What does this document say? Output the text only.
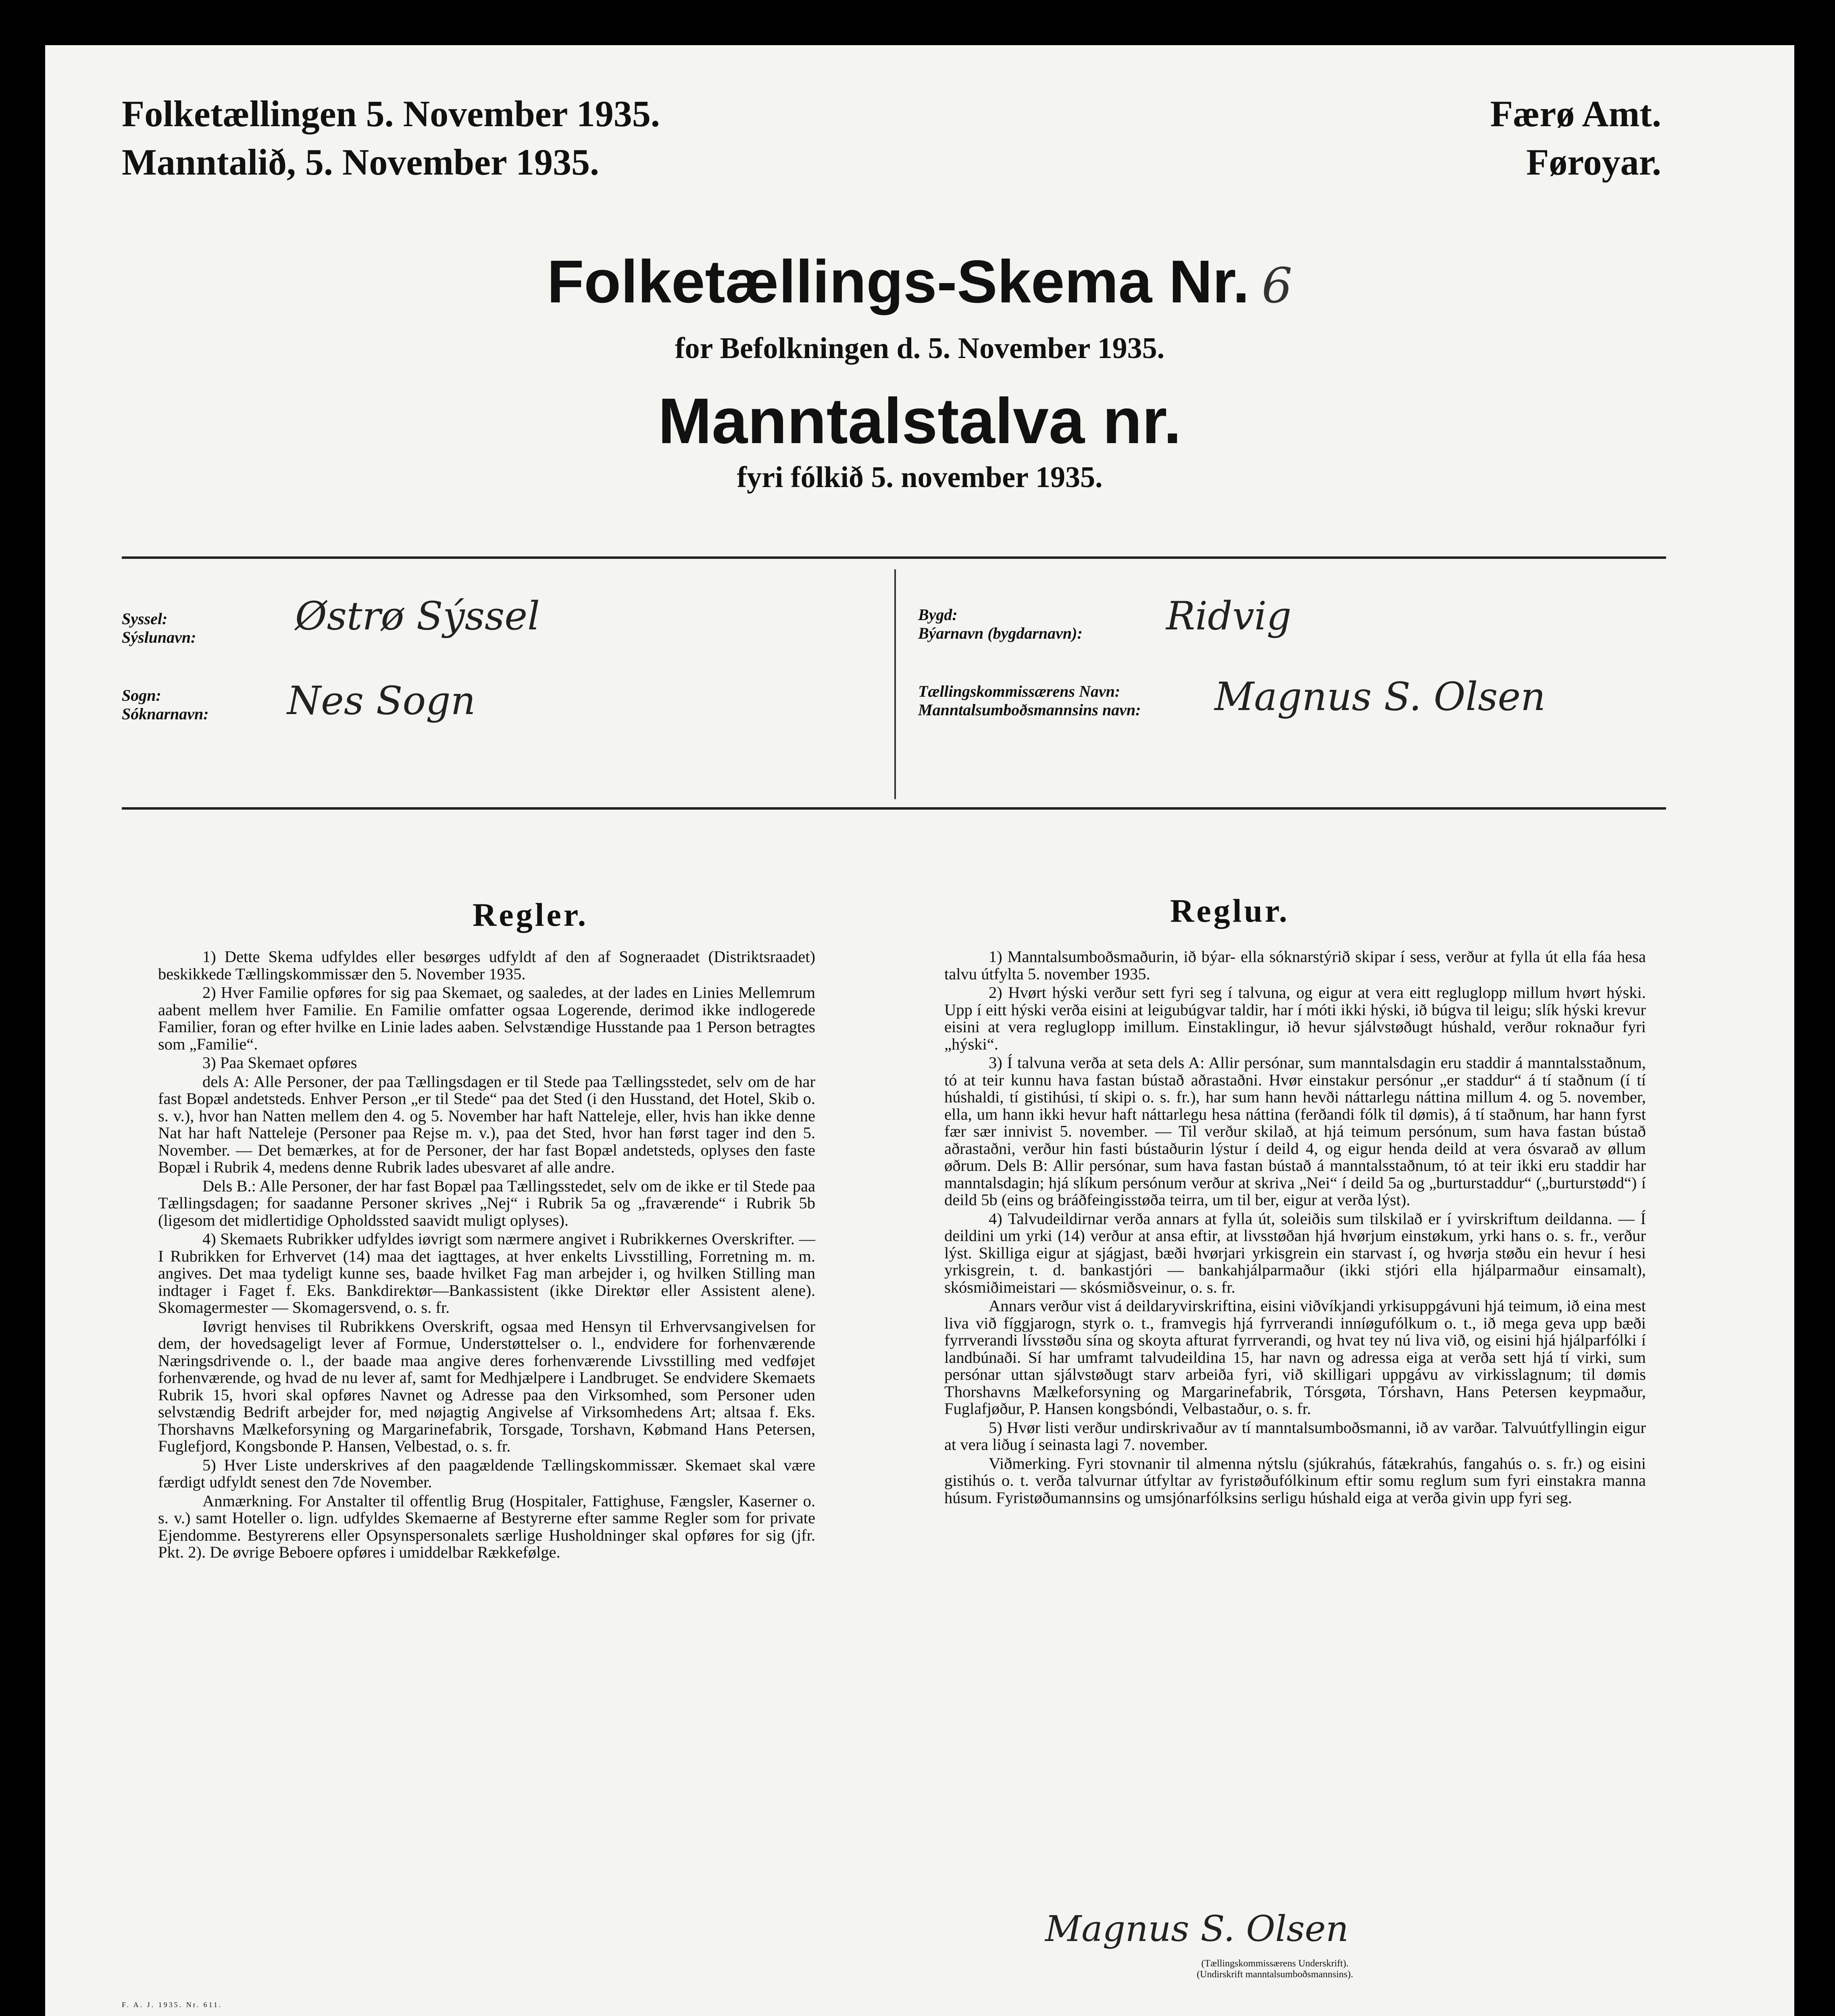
Folketællingen 5. November 1935.
Manntalið, 5. November 1935.
Færø Amt.
Føroyar.
Folketællings-Skema Nr. 6
for Befolkningen d. 5. November 1935.
Manntalstalva nr.
fyri fólkið 5. november 1935.
Syssel:
Sýslunavn:	Østrø Sýssel
Sogn:
Sóknarnavn: Nes Sogn
Bygd:
Býarnavn (bygdarnavn): Ridvig
Tællingskommissærens Navn:
Manntalsumboðsmannsins navn: Magnus S. Olsen
Regler.	Reglur.

1) Dette Skema udfyldes eller besørges udfyldt af den af Sogneraadet (Distriktsraadet) beskikkede Tællingskommissær den 5. November 1935.

2) Hver Familie opføres for sig paa Skemaet, og saaledes, at der lades en Linies Mellemrum aabent mellem hver Familie. En Familie omfatter ogsaa Logerende, derimod ikke indlogerede Familier, foran og efter hvilke en Linie lades aaben. Selvstændige Husstande paa 1 Person betragtes som „Familie“.

3) Paa Skemaet opføres

dels A: Alle Personer, der paa Tællingsdagen er til Stede paa Tællingsstedet, selv om de har fast Bopæl andetsteds. Enhver Person „er til Stede“ paa det Sted (i den Husstand, det Hotel, Skib o. s. v.), hvor han Natten mellem den 4. og 5. November har haft Natteleje, eller, hvis han ikke denne Nat har haft Natteleje (Personer paa Rejse m. v.), paa det Sted, hvor han først tager ind den 5. November. — Det bemærkes, at for de Personer, der har fast Bopæl andetsteds, oplyses den faste Bopæl i Rubrik 4, medens denne Rubrik lades ubesvaret af alle andre.

Dels B.: Alle Personer, der har fast Bopæl paa Tællingsstedet, selv om de ikke er til Stede paa Tællingsdagen; for saadanne Personer skrives „Nej“ i Rubrik 5a og „fraværende“ i Rubrik 5b (ligesom det midlertidige Opholdssted saavidt muligt oplyses).

4) Skemaets Rubrikker udfyldes iøvrigt som nærmere angivet i Rubrikkernes Overskrifter. — I Rubrikken for Erhvervet (14) maa det iagttages, at hver enkelts Livsstilling, Forretning m. m. angives. Det maa tydeligt kunne ses, baade hvilket Fag man arbejder i, og hvilken Stilling man indtager i Faget f. Eks. Bankdirektør—Bankassistent (ikke Direktør eller Assistent alene). Skomagermester — Skomagersvend, o. s. fr.

Iøvrigt henvises til Rubrikkens Overskrift, ogsaa med Hensyn til Erhvervsangivelsen for dem, der hovedsageligt lever af Formue, Understøttelser o. l., endvidere for forhenværende Næringsdrivende o. l., der baade maa angive deres forhenværende Livsstilling med vedføjet forhenværende, og hvad de nu lever af, samt for Medhjælpere i Landbruget. Se endvidere Skemaets Rubrik 15, hvori skal opføres Navnet og Adresse paa den Virksomhed, som Personer uden selvstændig Bedrift arbejder for, med nøjagtig Angivelse af Virksomhedens Art; altsaa f. Eks. Thorshavns Mælkeforsyning og Margarinefabrik, Torsgade, Torshavn, Købmand Hans Petersen, Fuglefjord, Kongsbonde P. Hansen, Velbestad, o. s. fr.

5) Hver Liste underskrives af den paagældende Tællingskommissær. Skemaet skal være færdigt udfyldt senest den 7de November.

Anmærkning. For Anstalter til offentlig Brug (Hospitaler, Fattighuse, Fængsler, Kaserner o. s. v.) samt Hoteller o. lign. udfyldes Skemaerne af Bestyrerne efter samme Regler som for private Ejendomme. Bestyrerens eller Opsynspersonalets særlige Husholdninger skal opføres for sig (jfr. Pkt. 2). De øvrige Beboere opføres i umiddelbar Rækkefølge.

1) Manntalsumboðsmaðurin, ið býar- ella sóknarstýrið skipar í sess, verður at fylla út ella fáa hesa talvu útfylta 5. november 1935.

2) Hvørt hýski verður sett fyri seg í talvuna, og eigur at vera eitt regluglopp millum hvørt hýski. Upp í eitt hýski verða eisini at leigubúgvar taldir, har í móti ikki hýski, ið búgva til leigu; slík hýski krevur eisini at vera regluglopp imillum. Einstaklingur, ið hevur sjálvstøðugt húshald, verður roknaður fyri „hýski“.

3) Í talvuna verða at seta dels A: Allir persónar, sum manntalsdagin eru staddir á manntalsstaðnum, tó at teir kunnu hava fastan bústað aðrastaðni. Hvør einstakur persónur „er staddur“ á tí staðnum (í tí húshaldi, tí gistihúsi, tí skipi o. s. fr.), har sum hann hevði náttarlegu náttina millum 4. og 5. november, ella, um hann ikki hevur haft náttarlegu hesa náttina (ferðandi fólk til dømis), á tí staðnum, har hann fyrst fær sær innivist 5. november. — Til verður skilað, at hjá teimum persónum, sum hava fastan bústað aðrastaðni, verður hin fasti bústaðurin lýstur í deild 4, og eigur henda deild at vera ósvarað av øllum øðrum. Dels B: Allir persónar, sum hava fastan bústað á manntalsstaðnum, tó at teir ikki eru staddir har manntalsdagin; hjá slíkum persónum verður at skriva „Nei“ í deild 5a og „burturstaddur“ („burturstødd“) í deild 5b (eins og bráðfeingisstøða teirra, um til ber, eigur at verða lýst).

4) Talvudeildirnar verða annars at fylla út, soleiðis sum tilskilað er í yvirskriftum deildanna. — Í deildini um yrki (14) verður at ansa eftir, at livsstøðan hjá hvørjum einstøkum, yrki hans o. s. fr., verður lýst. Skilliga eigur at sjágjast, bæði hvørjari yrkisgrein ein starvast í, og hvørja støðu ein hevur í hesi yrkisgrein, t. d. bankastjóri — bankahjálparmaður (ikki stjóri ella hjálparmaður einsamalt), skósmiðimeistari — skósmiðsveinur, o. s. fr.

Annars verður vist á deildaryvirskriftina, eisini viðvíkjandi yrkisuppgávuni hjá teimum, ið eina mest liva við fíggjarogn, styrk o. t., framvegis hjá fyrrverandi inníøgufólkum o. t., ið mega geva upp bæði fyrrverandi lívsstøðu sína og skoyta afturat fyrrverandi, og hvat tey nú liva við, og eisini hjá hjálparfólki í landbúnaði. Sí har umframt talvudeildina 15, har navn og adressa eiga at verða sett hjá tí virki, sum persónar uttan sjálvstøðugt starv arbeiða fyri, við skilligari uppgávu av virkisslagnum; til dømis Thorshavns Mælkeforsyning og Margarinefabrik, Tórsgøta, Tórshavn, Hans Petersen keypmaður, Fuglafjøður, P. Hansen kongsbóndi, Velbastaður, o. s. fr.

5) Hvør listi verður undirskrivaður av tí manntalsumboðsmanni, ið av varðar. Talvuútfyllingin eigur at vera liðug í seinasta lagi 7. november.

Viðmerking. Fyri stovnanir til almenna nýtslu (sjúkrahús, fátækrahús, fangahús o. s. fr.) og eisini gistihús o. t. verða talvurnar útfyltar av fyristøðufólkinum eftir somu reglum sum fyri einstakra manna húsum. Fyristøðumannsins og umsjónarfólksins serligu húshald eiga at verða givin upp fyri seg.

Magnus S. Olsen
(Tællingskommissærens Underskrift).
(Undirskrift manntalsumboðsmannsins).
F. A. J. 1935. Nr. 611.
